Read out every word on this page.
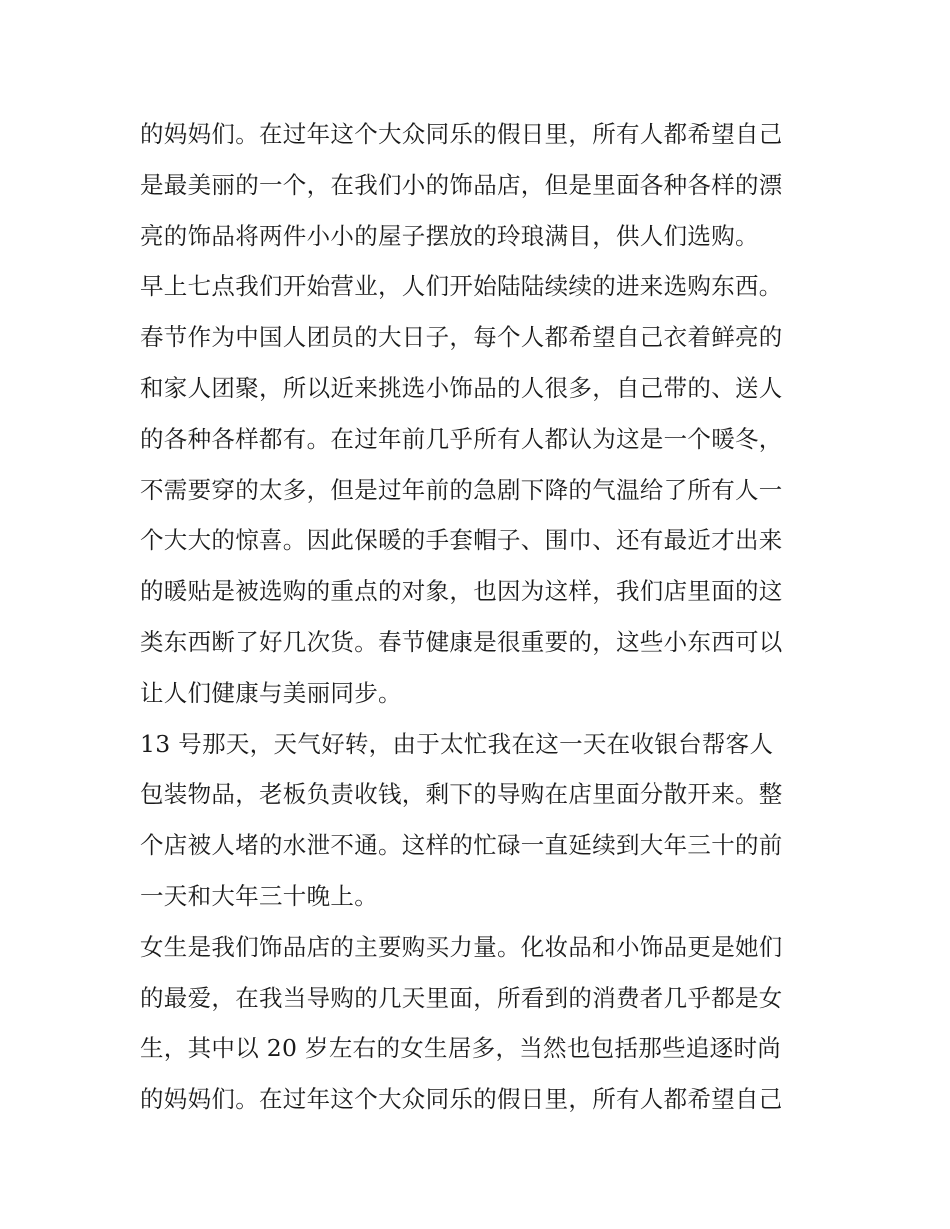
的妈妈们。在过年这个大众同乐的假日里，所有人都希望自己
是最美丽的一个，在我们小的饰品店，但是里面各种各样的漂
亮的饰品将两件小小的屋子摆放的玲琅满目，供人们选购。
早上七点我们开始营业，人们开始陆陆续续的进来选购东西。
春节作为中国人团员的大日子，每个人都希望自己衣着鲜亮的
和家人团聚，所以近来挑选小饰品的人很多，自己带的、送人
的各种各样都有。在过年前几乎所有人都认为这是一个暖冬，
不需要穿的太多，但是过年前的急剧下降的气温给了所有人一
个大大的惊喜。因此保暖的手套帽子、围巾、还有最近才出来
的暖贴是被选购的重点的对象，也因为这样，我们店里面的这
类东西断了好几次货。春节健康是很重要的，这些小东西可以
让人们健康与美丽同步。
13 号那天，天气好转，由于太忙我在这一天在收银台帮客人
包装物品，老板负责收钱，剩下的导购在店里面分散开来。整
个店被人堵的水泄不通。这样的忙碌一直延续到大年三十的前
一天和大年三十晚上。
女生是我们饰品店的主要购买力量。化妆品和小饰品更是她们
的最爱，在我当导购的几天里面，所看到的消费者几乎都是女
生，其中以 20 岁左右的女生居多，当然也包括那些追逐时尚
的妈妈们。在过年这个大众同乐的假日里，所有人都希望自己
